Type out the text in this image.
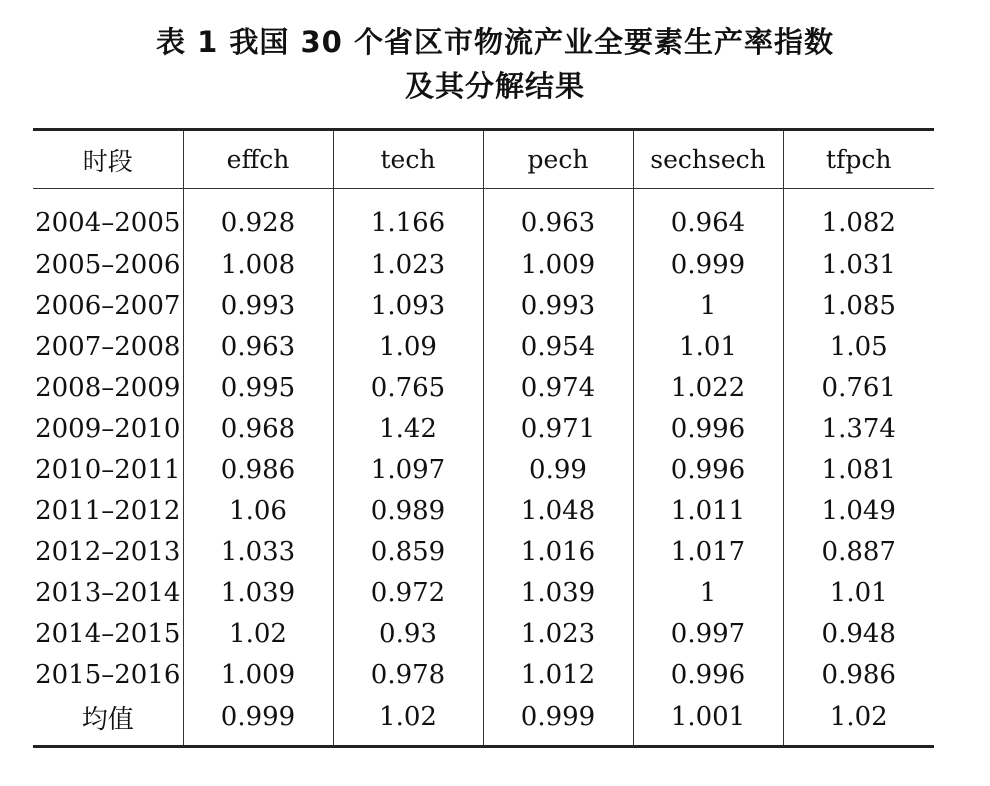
表 1 我国 30 个省区市物流产业全要素生产率指数
及其分解结果
时段	effch	tech	pech	sechsech	tfpch
2004–2005	0.928	1.166	0.963	0.964	1.082
2005–2006	1.008	1.023	1.009	0.999	1.031
2006–2007	0.993	1.093	0.993	1	1.085
2007–2008	0.963	1.09	0.954	1.01	1.05
2008–2009	0.995	0.765	0.974	1.022	0.761
2009–2010	0.968	1.42	0.971	0.996	1.374
2010–2011	0.986	1.097	0.99	0.996	1.081
2011–2012	1.06	0.989	1.048	1.011	1.049
2012–2013	1.033	0.859	1.016	1.017	0.887
2013–2014	1.039	0.972	1.039	1	1.01
2014–2015	1.02	0.93	1.023	0.997	0.948
2015–2016	1.009	0.978	1.012	0.996	0.986
均值	0.999	1.02	0.999	1.001	1.02
